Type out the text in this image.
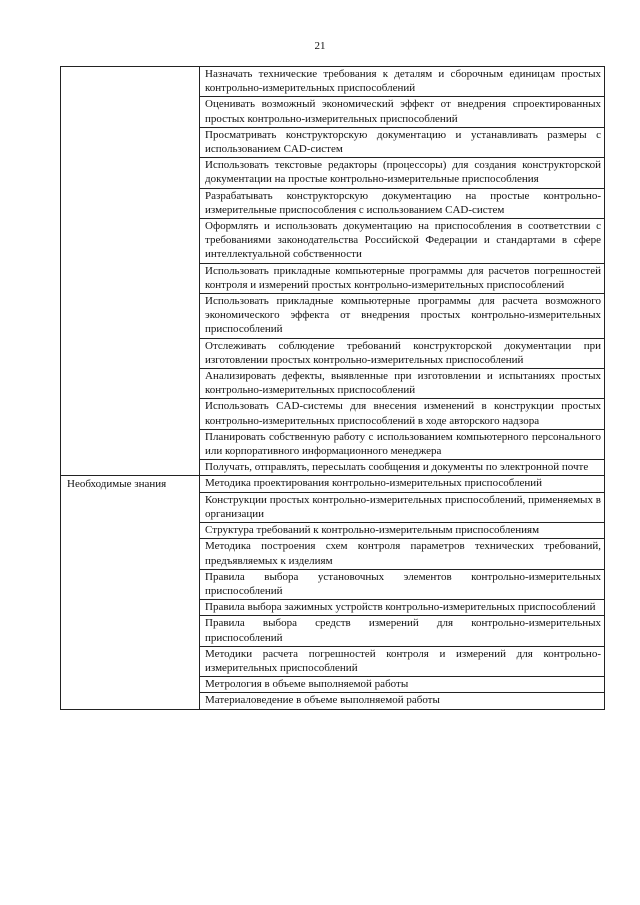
21
	Назначать технические требования к деталям и сборочным единицам простых контрольно-измерительных приспособлений
	Оценивать возможный экономический эффект от внедрения спроектированных простых контрольно-измерительных приспособлений
	Просматривать конструкторскую документацию и устанавливать размеры с использованием CAD-систем
	Использовать текстовые редакторы (процессоры) для создания конструкторской документации на простые контрольно-измерительные приспособления
	Разрабатывать конструкторскую документацию на простые контрольно-измерительные приспособления с использованием CAD-систем
	Оформлять и использовать документацию на приспособления в соответствии с требованиями законодательства Российской Федерации и стандартами в сфере интеллектуальной собственности
	Использовать прикладные компьютерные программы для расчетов погрешностей контроля и измерений простых контрольно-измерительных приспособлений
	Использовать прикладные компьютерные программы для расчета возможного экономического эффекта от внедрения простых контрольно-измерительных приспособлений
	Отслеживать соблюдение требований конструкторской документации при изготовлении простых контрольно-измерительных приспособлений
	Анализировать дефекты, выявленные при изготовлении и испытаниях простых контрольно-измерительных приспособлений
	Использовать CAD-системы для внесения изменений в конструкции простых контрольно-измерительных приспособлений в ходе авторского надзора
	Планировать собственную работу с использованием компьютерного персонального или корпоративного информационного менеджера
	Получать, отправлять, пересылать сообщения и документы по электронной почте
Необходимые знания	Методика проектирования контрольно-измерительных приспособлений
	Конструкции простых контрольно-измерительных приспособлений, применяемых в организации
	Структура требований к контрольно-измерительным приспособлениям
	Методика построения схем контроля параметров технических требований, предъявляемых к изделиям
	Правила выбора установочных элементов контрольно-измерительных приспособлений
	Правила выбора зажимных устройств контрольно-измерительных приспособлений
	Правила выбора средств измерений для контрольно-измерительных приспособлений
	Методики расчета погрешностей контроля и измерений для контрольно-измерительных приспособлений
	Метрология в объеме выполняемой работы
	Материаловедение в объеме выполняемой работы
